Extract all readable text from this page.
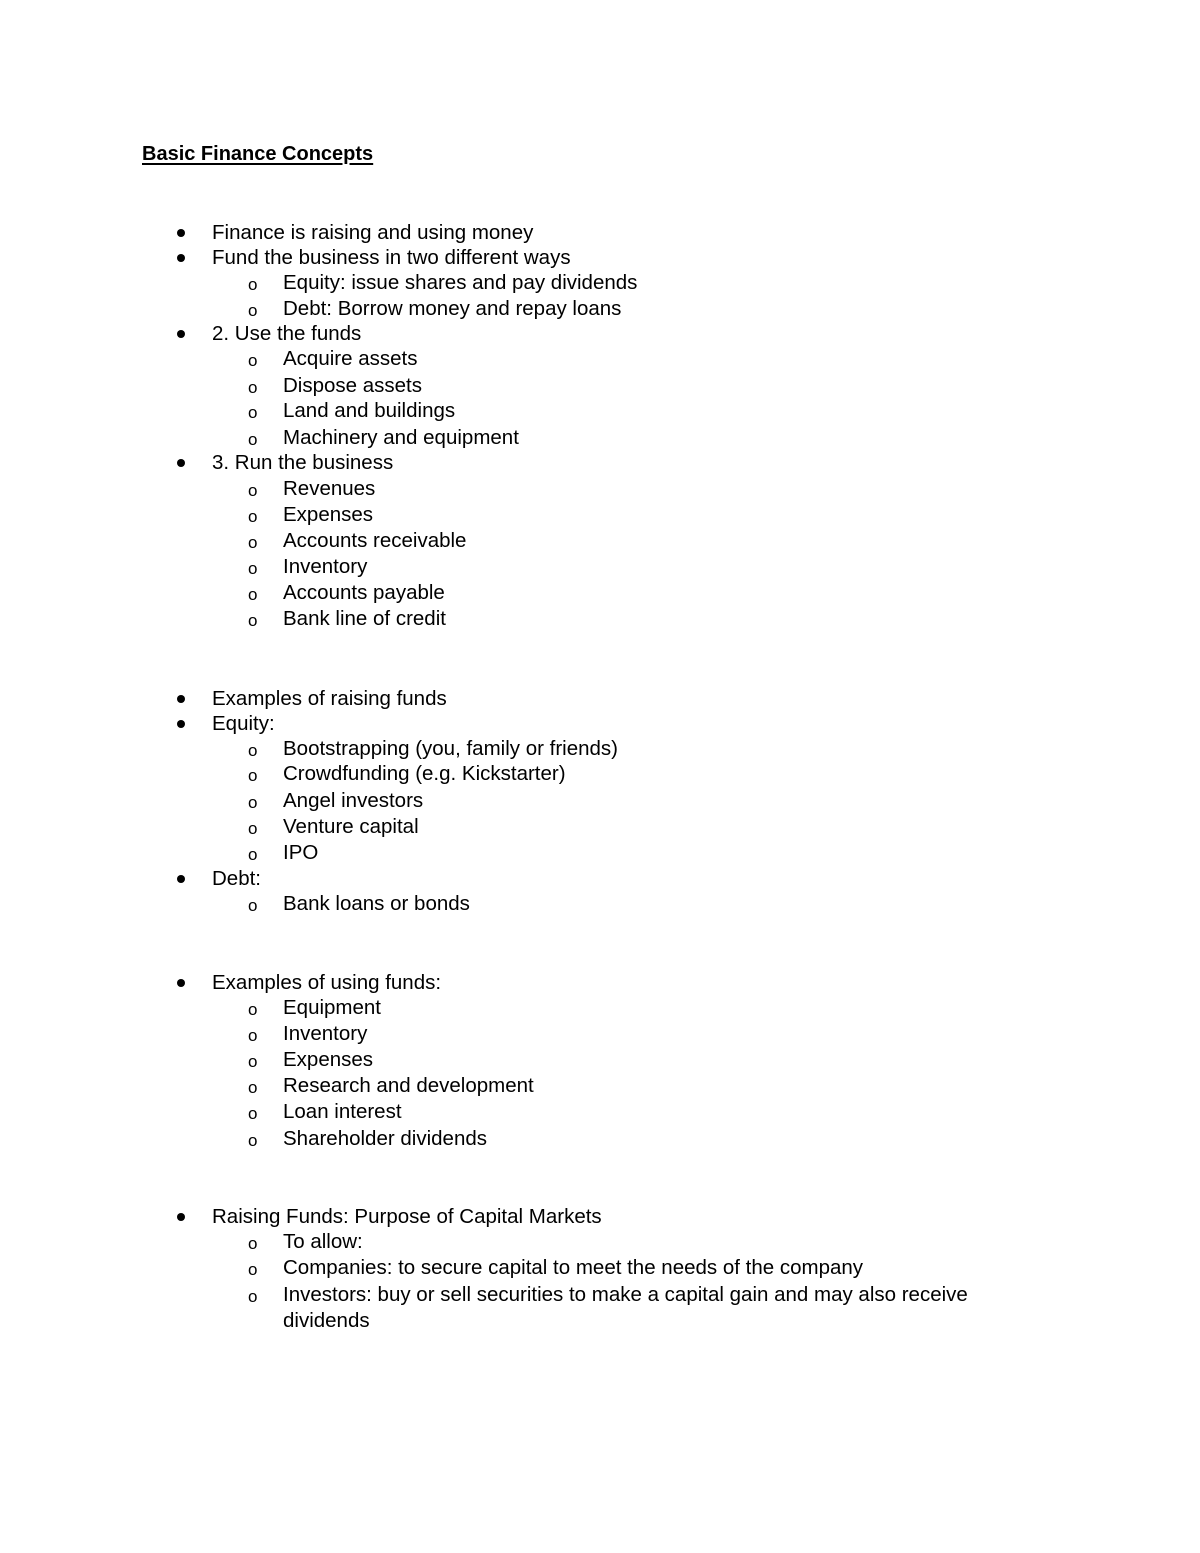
Basic Finance Concepts
Finance is raising and using money
Fund the business in two different ways
o Equity: issue shares and pay dividends
o Debt: Borrow money and repay loans
2. Use the funds
o Acquire assets
o Dispose assets
o Land and buildings
o Machinery and equipment
3. Run the business
o Revenues
o Expenses
o Accounts receivable
o Inventory
o Accounts payable
o Bank line of credit
Examples of raising funds
Equity:
o Bootstrapping (you, family or friends)
o Crowdfunding (e.g. Kickstarter)
o Angel investors
o Venture capital
o IPO
Debt:
o Bank loans or bonds
Examples of using funds:
o Equipment
o Inventory
o Expenses
o Research and development
o Loan interest
o Shareholder dividends
Raising Funds: Purpose of Capital Markets
o To allow:
o Companies: to secure capital to meet the needs of the company
o Investors: buy or sell securities to make a capital gain and may also receive dividends
